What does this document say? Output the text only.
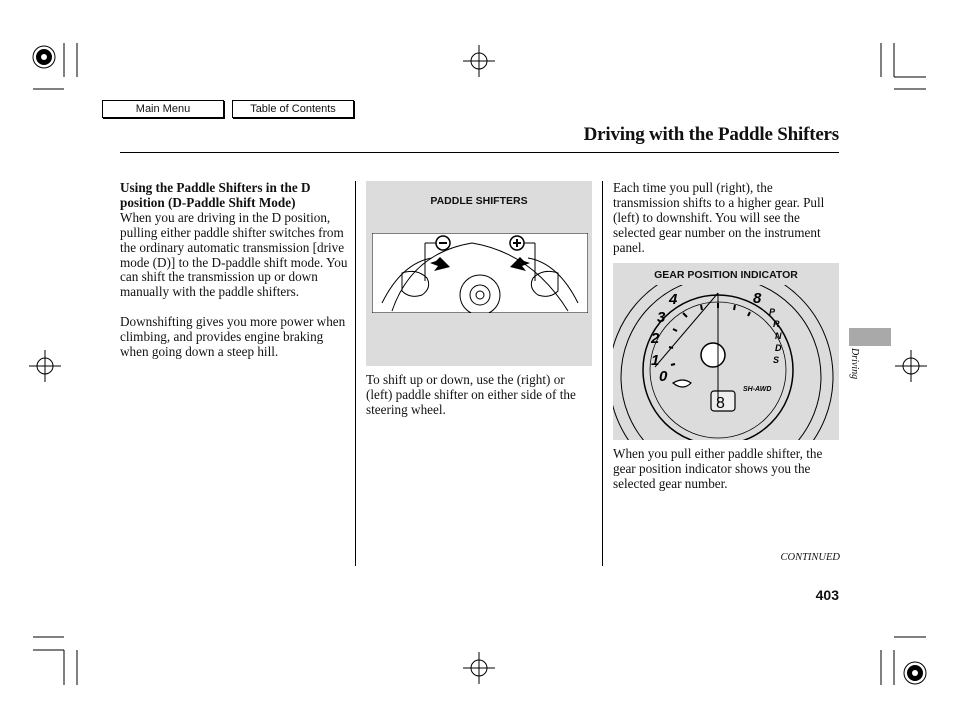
Main Menu	Table of Contents
Driving with the Paddle Shifters

Using the Paddle Shifters in the D position (D-Paddle Shift Mode)

When you are driving in the D position, pulling either paddle shifter switches from the ordinary automatic transmission [drive mode (D)] to the D-paddle shift mode. You can shift the transmission up or down manually with the paddle shifters.

Downshifting gives you more power when climbing, and provides engine braking when going down a steep hill.

PADDLE SHIFTERS

To shift up or down, use the (right) or (left) paddle shifter on either side of the steering wheel.

Each time you pull (right), the transmission shifts to a higher gear. Pull (left) to downshift. You will see the selected gear number on the instrument panel.

GEAR POSITION INDICATOR
0
1
2
3
4	8
8
P
R
N
D
S
SH-AWD

When you pull either paddle shifter, the gear position indicator shows you the selected gear number.

Driving
CONTINUED
403
